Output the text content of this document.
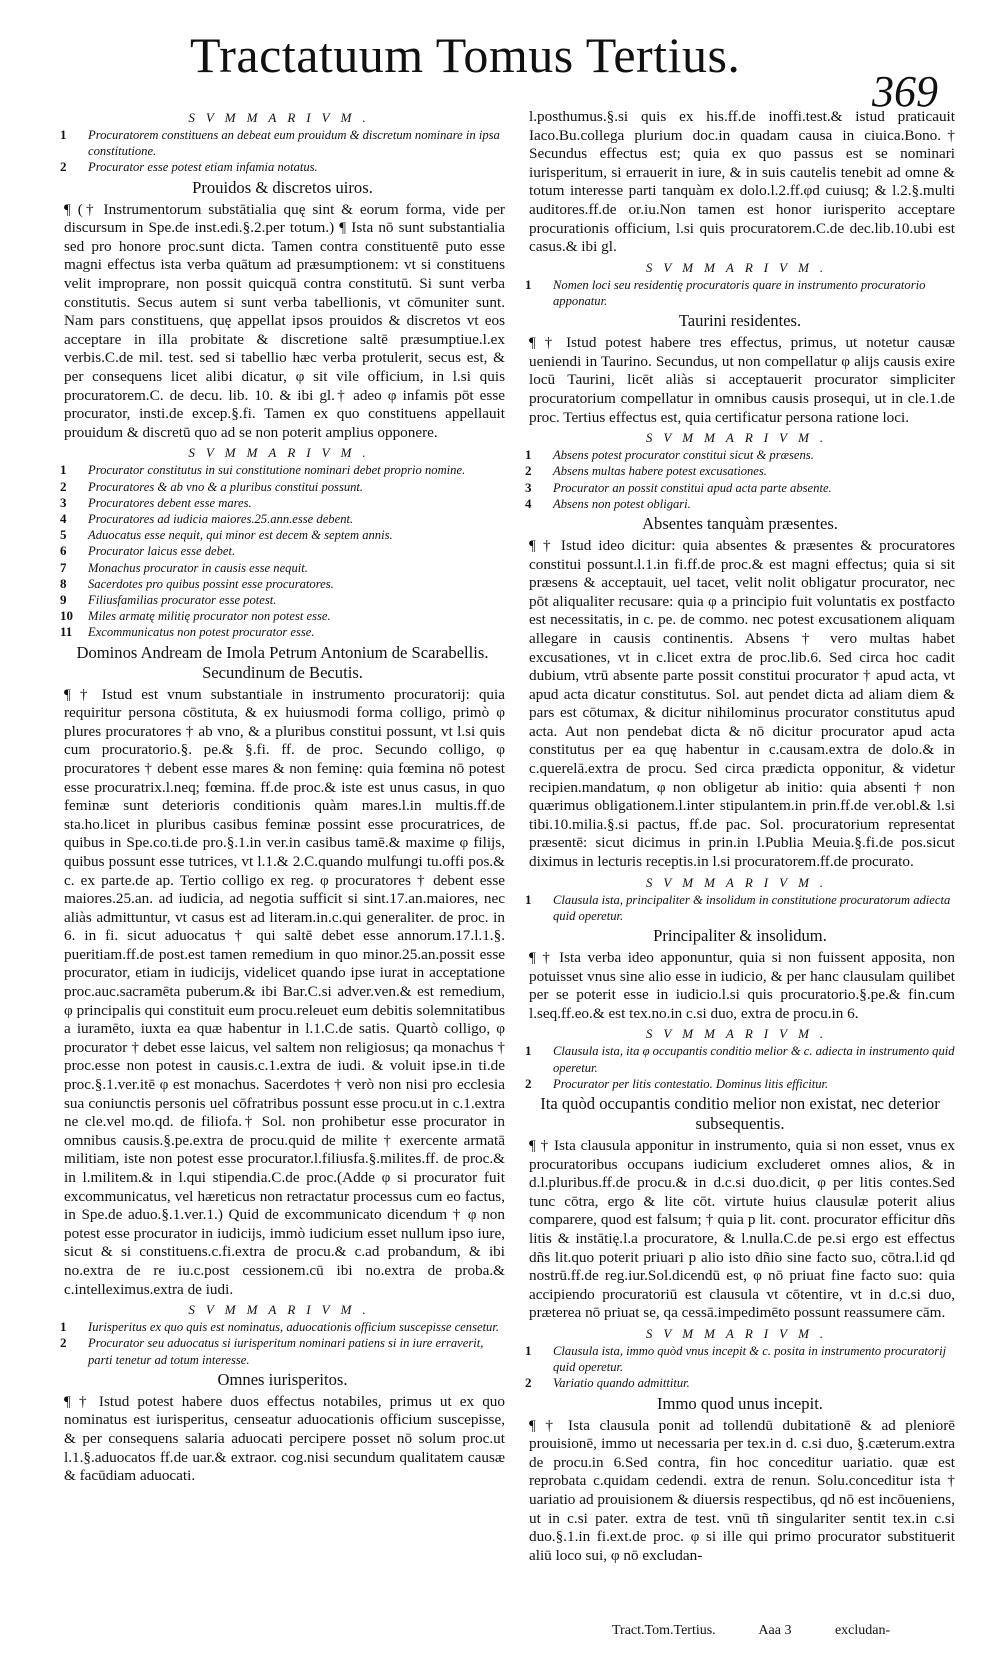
Tractatuum Tomus Tertius.
369
SVMMARIVM.
1 Procuratorem constituens an debeat eum prouidum & discretum nominare in ipsa constitutione.
2 Procurator esse potest etiam infamia notatus.
Prouidos & discretos uiros.

¶ († Instrumentorum substātialia quę sint & eorum forma, vide per discursum in Spe.de inst.edi.§.2.per totum.) ¶ Ista nō sunt substantialia sed pro honore proc.sunt dicta. Tamen contra constituentē puto esse magni effectus ista verba quātum ad præsumptionem: vt si constituens velit improprare, non possit quicquā contra constitutū. Si sunt verba constitutis. Secus autem si sunt verba tabellionis, vt cōmuniter sunt. Nam pars constituens, quę appellat ipsos prouidos & discretos vt eos acceptare in illa probitate & discretione saltē præsumptiue.l.ex verbis.C.de mil. test. sed si tabellio hæc verba protulerit, secus est, & per consequens licet alibi dicatur, φ sit vile officium, in l.si quis procuratorem.C. de decu. lib. 10. & ibi gl.† adeo φ infamis pōt esse procurator, insti.de excep.§.fi. Tamen ex quo constituens appellauit prouidum & discretū quo ad se non poterit amplius opponere.

SVMMARIVM.
1 Procurator constitutus in sui constitutione nominari debet proprio nomine.
2 Procuratores & ab vno & a pluribus constitui possunt.
3 Procuratores debent esse mares.
4 Procuratores ad iudicia maiores.25.ann.esse debent.
5 Aduocatus esse nequit, qui minor est decem & septem annis.
6 Procurator laicus esse debet.
7 Monachus procurator in causis esse nequit.
8 Sacerdotes pro quibus possint esse procuratores.
9 Filiusfamilias procurator esse potest.
10 Miles armatę militię procurator non potest esse.
11 Excommunicatus non potest procurator esse.
Dominos Andream de Imola Petrum Antonium de Scarabellis. Secundinum de Becutis.

¶ † Istud est vnum substantiale in instrumento procuratorij: quia requiritur persona cōstituta, & ex huiusmodi forma colligo, primò φ plures procuratores † ab vno, & a pluribus constitui possunt, vt l.si quis cum procuratorio.§. pe.& §.fi. ff. de proc. Secundo colligo, φ procuratores † debent esse mares & non feminę: quia fœmina nō potest esse procuratrix.l.neq; fœmina. ff.de proc.& iste est unus casus, in quo feminæ sunt deterioris conditionis quàm mares.l.in multis.ff.de sta.ho.licet in pluribus casibus feminæ possint esse procuratrices, de quibus in Spe.co.ti.de pro.§.1.in ver.in casibus tamē.& maxime φ filijs, quibus possunt esse tutrices, vt l.1.& 2.C.quando mulfungi tu.offi pos.& c. ex parte.de ap. Tertio colligo ex reg. φ procuratores † debent esse maiores.25.an. ad iudicia, ad negotia sufficit si sint.17.an.maiores, nec aliàs admittuntur, vt casus est ad literam.in.c.qui generaliter. de proc. in 6. in fi. sicut aduocatus † qui saltē debet esse annorum.17.l.1.§. pueritiam.ff.de post.est tamen remedium in quo minor.25.an.possit esse procurator, etiam in iudicijs, videlicet quando ipse iurat in acceptatione proc.auc.sacramēta puberum.& ibi Bar.C.si adver.ven.& est remedium, φ principalis qui constituit eum procu.releuet eum debitis solemnitatibus a iuramēto, iuxta ea quæ habentur in l.1.C.de satis. Quartò colligo, φ procurator † debet esse laicus, vel saltem non religiosus; qa monachus † proc.esse non potest in causis.c.1.extra de iudi. & voluit ipse.in ti.de proc.§.1.ver.itē φ est monachus. Sacerdotes † verò non nisi pro ecclesia sua coniunctis personis uel cōfratribus possunt esse procu.ut in c.1.extra ne cle.vel mo.qd. de filiofa.† Sol. non prohibetur esse procurator in omnibus causis.§.pe.extra de procu.quid de milite † exercente armatā militiam, iste non potest esse procurator.l.filiusfa.§.milites.ff. de proc.& in l.militem.& in l.qui stipendia.C.de proc.(Adde φ si procurator fuit excommunicatus, vel hæreticus non retractatur processus cum eo factus, in Spe.de aduo.§.1.ver.1.) Quid de excommunicato dicendum † φ non potest esse procurator in iudicijs, immò iudicium esset nullum ipso iure, sicut & si constituens.c.fi.extra de procu.& c.ad probandum, & ibi no.extra de re iu.c.post cessionem.cū ibi no.extra de proba.& c.intelleximus.extra de iudi.

SVMMARIVM.
1 Iurisperitus ex quo quis est nominatus, aduocationis officium suscepisse censetur.
2 Procurator seu aduocatus si iurisperitum nominari patiens si in iure erraverit, parti tenetur ad totum interesse.
Omnes iurisperitos.

¶ † Istud potest habere duos effectus notabiles, primus ut ex quo nominatus est iurisperitus, censeatur aduocationis officium suscepisse, & per consequens salaria aduocati percipere posset nō solum proc.ut l.1.§.aduocatos ff.de uar.& extraor. cog.nisi secundum qualitatem causæ & facūdiam aduocati.

l.posthumus.§.si quis ex his.ff.de inoffi.test.& istud praticauit Iaco.Bu.collega plurium doc.in quadam causa in ciuica.Bono.† Secundus effectus est; quia ex quo passus est se nominari iurisperitum, si errauerit in iure, & in suis cautelis tenebit ad omne & totum interesse parti tanquàm ex dolo.l.2.ff.φd cuiusq; & l.2.§.multi auditores.ff.de or.iu.Non tamen est honor iurisperito acceptare procurationis officium, l.si quis procuratorem.C.de dec.lib.10.ubi est casus.& ibi gl.

SVMMARIVM.
1 Nomen loci seu residentię procuratoris quare in instrumento procuratorio apponatur.
Taurini residentes.

¶ † Istud potest habere tres effectus, primus, ut notetur causæ ueniendi in Taurino. Secundus, ut non compellatur φ alijs causis exire locū Taurini, licēt aliàs si acceptauerit procurator simpliciter procuratorium compellatur in omnibus causis prosequi, ut in cle.1.de proc. Tertius effectus est, quia certificatur persona ratione loci.

SVMMARIVM.
1 Absens potest procurator constitui sicut & præsens.
2 Absens multas habere potest excusationes.
3 Procurator an possit constitui apud acta parte absente.
4 Absens non potest obligari.
Absentes tanquàm præsentes.

¶ † Istud ideo dicitur: quia absentes & præsentes & procuratores constitui possunt.l.1.in fi.ff.de proc.& est magni effectus; quia si sit præsens & acceptauit, uel tacet, velit nolit obligatur procurator, nec pōt aliqualiter recusare: quia φ a principio fuit voluntatis ex postfacto est necessitatis, in c. pe. de commo. nec potest excusationem aliquam allegare in causis continentis. Absens † vero multas habet excusationes, vt in c.licet extra de proc.lib.6. Sed circa hoc cadit dubium, vtrū absente parte possit constitui procurator † apud acta, vt apud acta dicatur constitutus. Sol. aut pendet dicta ad aliam diem & pars est cōtumax, & dicitur nihilominus procurator constitutus apud acta. Aut non pendebat dicta & nō dicitur procurator apud acta constitutus per ea quę habentur in c.causam.extra de dolo.& in c.querelā.extra de procu. Sed circa prædicta opponitur, & videtur recipien.mandatum, φ non obligetur ab initio: quia absenti † non quærimus obligationem.l.inter stipulantem.in prin.ff.de ver.obl.& l.si tibi.10.milia.§.si pactus, ff.de pac. Sol. procuratorium representat præsentē: sicut dicimus in prin.in l.Publia Meuia.§.fi.de pos.sicut diximus in lecturis receptis.in l.si procuratorem.ff.de procurato.

SVMMARIVM.
1 Clausula ista, principaliter & insolidum in constitutione procuratorum adiecta quid operetur.
Principaliter & insolidum.

¶ † Ista verba ideo apponuntur, quia si non fuissent apposita, non potuisset vnus sine alio esse in iudicio, & per hanc clausulam quilibet per se poterit esse in iudicio.l.si quis procuratorio.§.pe.& fin.cum l.seq.ff.eo.& est tex.no.in c.si duo, extra de procu.in 6.

SVMMARIVM.
1 Clausula ista, ita φ occupantis conditio melior & c. adiecta in instrumento quid operetur.
2 Procurator per litis contestatio. Dominus litis efficitur.
Ita quòd occupantis conditio melior non existat, nec deterior subsequentis.

¶ † Ista clausula apponitur in instrumento, quia si non esset, vnus ex procuratoribus occupans iudicium excluderet omnes alios, & in d.l.pluribus.ff.de procu.& in d.c.si duo.dicit, φ per litis contes.Sed tunc cōtra, ergo & lite cōt. virtute huius clausulæ poterit alius comparere, quod est falsum; † quia p lit. cont. procurator efficitur dñs litis & instātię.l.a procuratore, & l.nulla.C.de pe.si ergo est effectus dñs lit.quo poterit priuari p alio isto dñio sine facto suo, cōtra.l.id qd nostrū.ff.de reg.iur.Sol.dicendū est, φ nō priuat fine facto suo: quia accipiendo procuratoriū est clausula vt cōtentire, vt in d.c.si duo, præterea nō priuat se, qa cessā.impedimēto possunt reassumere cām.

SVMMARIVM.
1 Clausula ista, immo quòd vnus incepit & c. posita in instrumento procuratorij quid operetur.
2 Variatio quando admittitur.
Immo quod unus incepit.

¶ † Ista clausula ponit ad tollendū dubitationē & ad pleniorē prouisionē, immo ut necessaria per tex.in d. c.si duo, §.cæterum.extra de procu.in 6.Sed contra, fin hoc conceditur uariatio. quæ est reprobata c.quidam cedendi. extra de renun. Solu.conceditur ista † uariatio ad prouisionem & diuersis respectibus, qd nō est incōueniens, ut in c.si pater. extra de test. vnū tñ singulariter sentit tex.in c.si duo.§.1.in fi.ext.de proc. φ si ille qui primo procurator substituerit aliū loco sui, φ nō excludan-

Tract.Tom.Tertius.	Aaa 3	excludan-
